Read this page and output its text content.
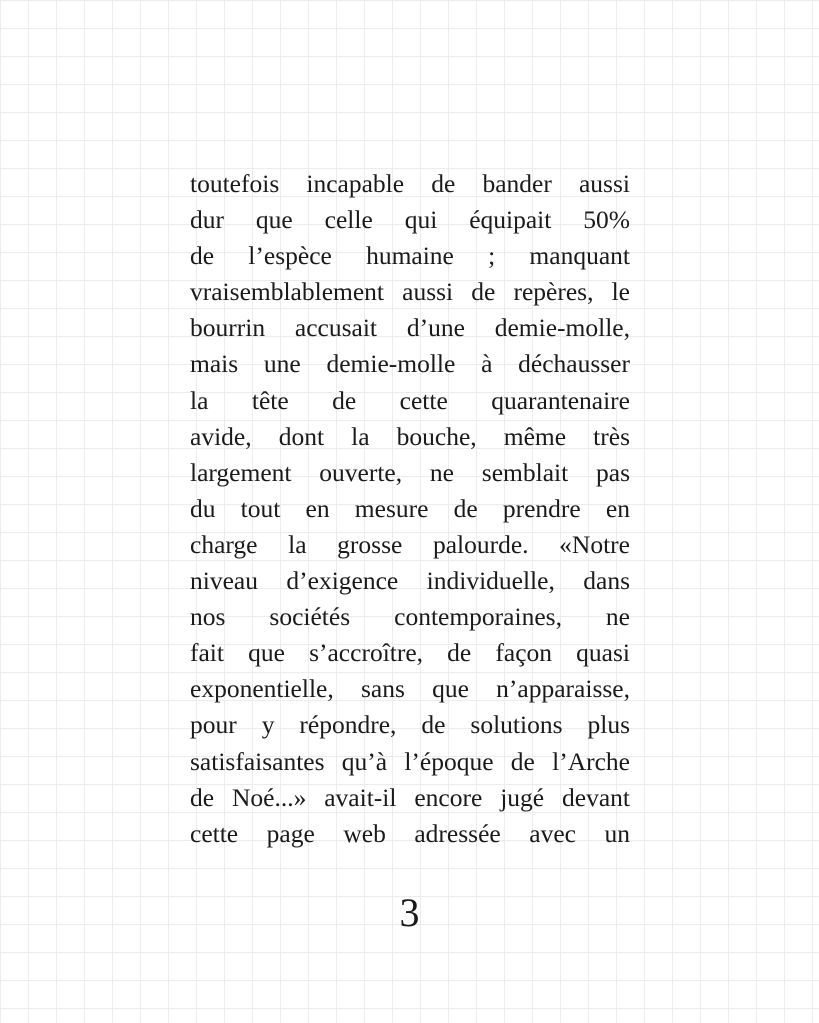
toutefois incapable de bander aussi
dur que celle qui équipait 50%
de l’espèce humaine ; manquant
vraisemblablement aussi de repères, le
bourrin accusait d’une demie-molle,
mais une demie-molle à déchausser
la tête de cette quarantenaire
avide, dont la bouche, même très
largement ouverte, ne semblait pas
du tout en mesure de prendre en
charge la grosse palourde. «Notre
niveau d’exigence individuelle, dans
nos sociétés contemporaines, ne
fait que s’accroître, de façon quasi
exponentielle, sans que n’apparaisse,
pour y répondre, de solutions plus
satisfaisantes qu’à l’époque de l’Arche
de Noé...» avait-il encore jugé devant
cette page web adressée avec un
3
